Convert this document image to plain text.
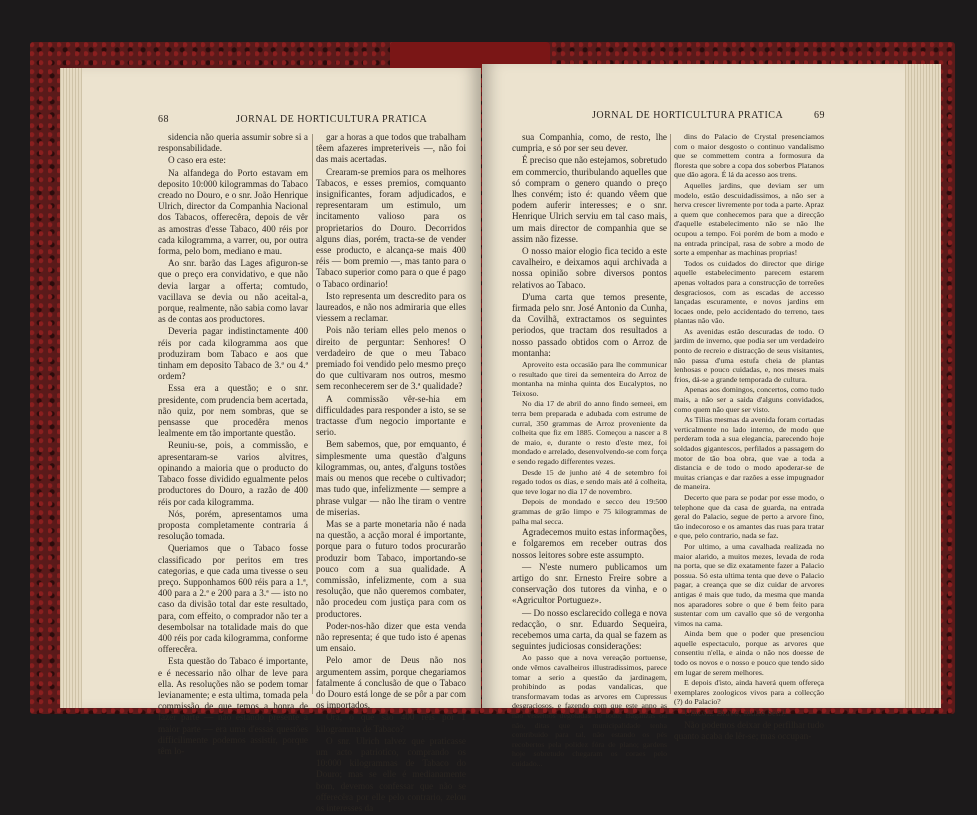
68	JORNAL DE HORTICULTURA PRATICA

sidencia não queria assumir sobre si a responsabilidade.

O caso era este:

Na alfandega do Porto estavam em deposito 10:000 kilogrammas do Tabaco creado no Douro, e o snr. João Henrique Ulrich, director da Companhia Nacional dos Tabacos, offerecêra, depois de vêr as amostras d'esse Tabaco, 400 réis por cada kilogramma, a varrer, ou, por outra forma, pelo bom, mediano e mau.

Ao snr. barão das Lages afiguron-se que o preço era convidativo, e que não devia largar a offerta; comtudo, vacillava se devia ou não aceital-a, porque, realmente, não sabia como lavar as de contas aos productores.

Deveria pagar indistinctamente 400 réis por cada kilogramma aos que produziram bom Tabaco e aos que tinham em deposito Tabaco de 3.ª ou 4.ª ordem?

Essa era a questão; e o snr. presidente, com prudencia bem acertada, não quiz, por nem sombras, que se pensasse que procedêra menos lealmente em tão importante questão.

Reuniu-se, pois, a commissão, e apresentaram-se varios alvitres, opinando a maioria que o producto do Tabaco fosse dividido egualmente pelos productores do Douro, a razão de 400 réis por cada kilogramma.

Nós, porém, apresentamos uma proposta completamente contraria á resolução tomada.

Queriamos que o Tabaco fosse classificado por peritos em tres categorias, e que cada uma tivesse o seu preço. Supponhamos 600 réis para a 1.ª, 400 para a 2.ª e 200 para a 3.ª — isto no caso da divisão total dar este resultado, para, com effeito, o comprador não ter a desembolsar na totalidade mais do que 400 réis por cada kilogramma, conforme offerecêra.

Esta questão do Tabaco é importante, e é necessario não olhar de leve para ella. As resoluções não se podem tomar levianamente; e esta ultima, tomada pela commissão de que temos a honra de fazer parte — não estando presente a maior parte — era uma d'essas questões difficilimente podemos assistir, porque têm lo-

gar a horas a que todos que trabalham têem afazeres impreteriveis —, não foi das mais acertadas.

Crearam-se premios para os melhores Tabacos, e esses premios, comquanto insignificantes, foram adjudicados, e representaram um estimulo, um incitamento valioso para os proprietarios do Douro. Decorridos alguns dias, porém, tracta-se de vender esse producto, e alcança-se mais 400 réis — bom premio —, mas tanto para o Tabaco superior como para o que é pago o Tabaco ordinario!

Isto representa um descredito para os laureados, e não nos admiraria que elles viessem a reclamar.

Pois não teriam elles pelo menos o direito de perguntar: Senhores! O verdadeiro de que o meu Tabaco premiado foi vendido pelo mesmo preço do que cultivaram nos outros, mesmo sem reconhecerem ser de 3.ª qualidade?

A commissão vêr-se-hia em difficuldades para responder a isto, se se tractasse d'um negocio importante e serio.

Bem sabemos, que, por emquanto, é simplesmente uma questão d'alguns kilogrammas, ou, antes, d'alguns tostões mais ou menos que recebe o cultivador; mas tudo que, infelizmente — sempre a phrase vulgar — não lhe tiram o ventre de miserias.

Mas se a parte monetaria não é nada na questão, a acção moral é importante, porque para o futuro todos procurarão produzir bom Tabaco, importando-se pouco com a sua qualidade. A commissão, infelizmente, com a sua resolução, que não queremos combater, não procedeu com justiça para com os productores.

Poder-nos-hão dizer que esta venda não representa; é que tudo isto é apenas um ensaio.

Pelo amor de Deus não nos argumentem assim, porque chegariamos fatalmente á conclusão de que o Tabaco do Douro está longe de se pôr a par com os importados.

Ora, o que são 400 réis por 1 kilogramma de Tabaco?

O snr. Ulrich talvez que praticasse um acto patriotico, comprando os 10:000 kilogrammas de Tabaco do Douro; mas se elle é medianamente bom, devemos confessar que não se offerecêra por elle pelo contrario, zelou os interesses da

JORNAL DE HORTICULTURA PRATICA	69

sua Companhia, como, de resto, lhe cumpria, e só por ser seu dever.

É preciso que não estejamos, sobretudo em commercio, thuribulando aquelles que só compram o genero quando o preço lhes convém; isto é: quando vêem que podem auferir interesses; e o snr. Henrique Ulrich serviu em tal caso mais, um mais director de companhia que se assim não fizesse.

O nosso maior elogio fica tecido a este cavalheiro, e deixamos aqui archivada a nossa opinião sobre diversos pontos relativos ao Tabaco.

D'uma carta que temos presente, firmada pelo snr. José Antonio da Cunha, da Covilhã, extractamos os seguintes periodos, que tractam dos resultados a nosso passado obtidos com o Arroz de montanha:

Aproveito esta occasião para lhe communicar o resultado que tirei da sementeira do Arroz de montanha na minha quinta dos Eucalyptos, no Teixoso.

No dia 17 de abril do anno findo semeei, em terra bem preparada e adubada com estrume de curral, 350 grammas de Arroz proveniente da colheita que fiz em 1885. Começou a nascer a 8 de maio, e, durante o resto d'este mez, foi mondado e arrelado, desenvolvendo-se com força e sendo regado differentes vezes.

Desde 15 de junho até 4 de setembro foi regado todos os dias, e sendo mais até á colheita, que teve logar no dia 17 de novembro.

Depois de mondado e secco deu 19:500 grammas de grão limpo e 75 kilogrammas de palha mal secca.

Agradecemos muito estas informações, e folgaremos em receber outras dos nossos leitores sobre este assumpto.

— N'este numero publicamos um artigo do snr. Ernesto Freire sobre a conservação dos tutores da vinha, e o «Agricultor Portuguez».

— Do nosso esclarecido collega e nova redacção, o snr. Eduardo Sequeira, recebemos uma carta, da qual se fazem as seguintes judiciosas considerações:

Ao passo que a nova vereação portuense, onde vêmos cavalheiros illustradissimos, parece tomar a serio a questão da jardinagem, prohibindo as podas vandalicas, que transformavam todas as arvores em Cupressus desgraciosos, e fazendo com que este anno as não vissemos degoladas de todo, Baganzas ou não, ditas que a municipalidade tenha contribuido para tal, não estando os pés recobertos pela polidez fóra de plano; gardens hoje sobretudo chegaram os coraes pelo cuidado...

dins do Palacio de Crystal presenciamos com o maior desgosto o continuo vandalismo que se commettem contra a formosura da floresta que sobre a copa dos soberbos Platanos que dão agora. É lá da acesso aos trens.

Aquelles jardins, que deviam ser um modelo, estão descuidadissimos, a não ser a herva crescer livremente por toda a parte. Apraz a quem que conhecemos para que a direcção d'aquelle estabelecimento não se não lhe ocupou a tempo. Foi porém de bom a modo e na entrada principal, rasa de sobre a modo de sorte a empenhar as machinas proprias!

Todos os cuidados do director que dirige aquelle estabelecimento parecem estarem apenas voltados para a construcção de torreões desgraciosos, com as escadas de accesso lançadas escuramente, e novos jardins em locaes onde, pelo accidentado do terreno, taes plantas não vão.

As avenidas estão descuradas de todo. O jardim de inverno, que podia ser um verdadeiro ponto de recreio e distracção de seus visitantes, não passa d'uma estufa cheia de plantas lenhosas e pouco cuidadas, e, nos meses mais frios, dá-se a grande temporada de cultura.

Apenas aos domingos, concertos, como tudo mais, a não ser a saida d'alguns convidados, como quem não quer ser visto.

As Tilias mesmas da avenida foram cortadas verticalmente no lado interno, de modo que perderam toda a sua elegancia, parecendo hoje soldados gigantescos, perfilados a passagem do motor de tão boa obra, que vae a toda a distancia e de todo o modo apoderar-se de muitas crianças e dar razões a esse impugnador de maneira.

Decerto que para se podar por esse modo, o telephone que da casa de guarda, na entrada geral do Palacio, segue de perto a arvore fino, tão indecoroso e os amantes das ruas para tratar e que, pelo contrario, nada se faz.

Por ultimo, a uma cavalhada realizada no maior alarido, a muitos mezes, levada de roda na porta, que se diz exatamente fazer a Palacio possua. Só esta ultima tenta que deve o Palacio pagar, a creança que se diz cuidar de arvores antigas é mais que tudo, da mesma que manda nos aparadores sobre o que é bem feito para sustentar com um cavallo que só de vergonha vimos na cama.

Ainda bem que o poder que presenciou aquelle espectaculo, porque as arvores que consentiu n'ella, e ainda o não nos doesse de todo os novos e o nosso e pouco que tendo sido em lugar de serem melhores.

E depois d'isto, ainda haverá quem offereça exemplares zoologicos vivos para a collecção (?) do Palacio?

Unico!.. Bravo; muito bem!

Não podemos deixar de perfilhar tudo quanto acaba de lêr-se; mas occupan-
